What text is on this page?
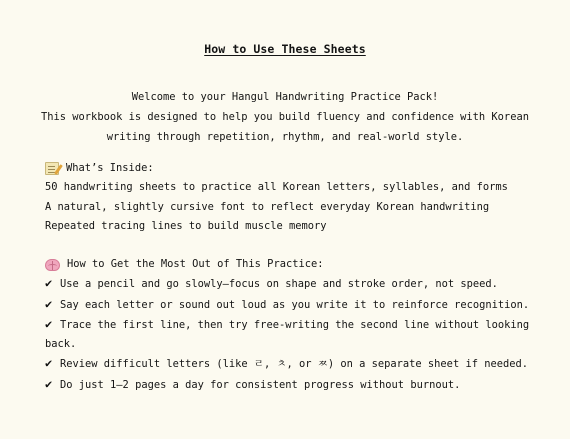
How to Use These Sheets
Welcome to your Hangul Handwriting Practice Pack!
This workbook is designed to help you build fluency and confidence with Korean
writing through repetition, rhythm, and real-world style.
What’s Inside:
50 handwriting sheets to practice all Korean letters, syllables, and forms
A natural, slightly cursive font to reflect everyday Korean handwriting
Repeated tracing lines to build muscle memory
How to Get the Most Out of This Practice:
✔ Use a pencil and go slowly—focus on shape and stroke order, not speed.
✔ Say each letter or sound out loud as you write it to reinforce recognition.
✔ Trace the first line, then try free-writing the second line without looking
back.
✔ Review difficult letters (like ㄹ, ㅊ, or ㅉ) on a separate sheet if needed.
✔ Do just 1–2 pages a day for consistent progress without burnout.
